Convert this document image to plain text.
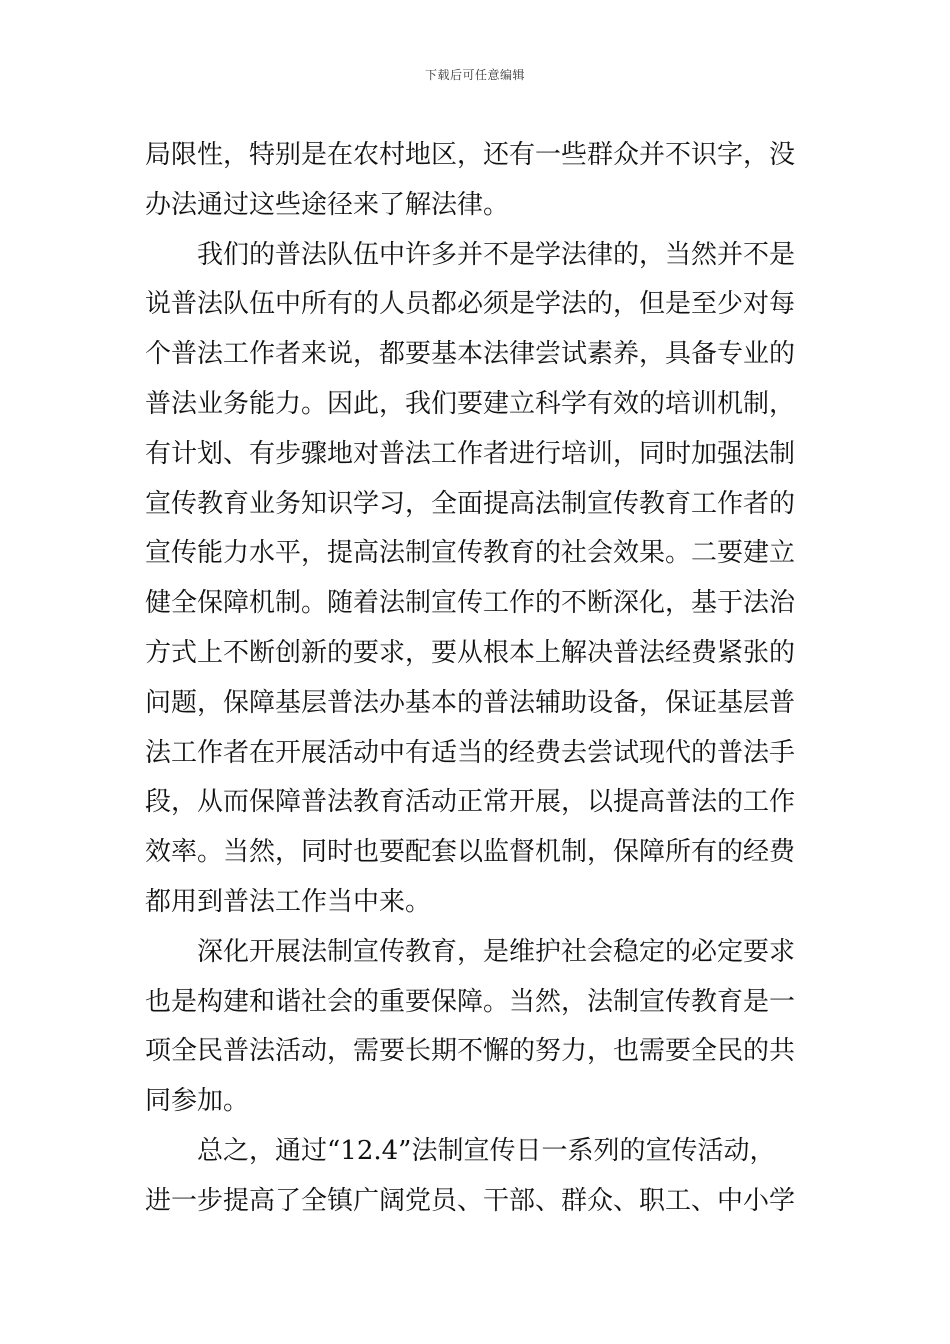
下载后可任意编辑
局限性，特别是在农村地区，还有一些群众并不识字，没
办法通过这些途径来了解法律。
我们的普法队伍中许多并不是学法律的，当然并不是
说普法队伍中所有的人员都必须是学法的，但是至少对每
个普法工作者来说，都要基本法律尝试素养，具备专业的
普法业务能力。因此，我们要建立科学有效的培训机制，
有计划、有步骤地对普法工作者进行培训，同时加强法制
宣传教育业务知识学习，全面提高法制宣传教育工作者的
宣传能力水平，提高法制宣传教育的社会效果。二要建立
健全保障机制。随着法制宣传工作的不断深化，基于法治
方式上不断创新的要求，要从根本上解决普法经费紧张的
问题，保障基层普法办基本的普法辅助设备，保证基层普
法工作者在开展活动中有适当的经费去尝试现代的普法手
段，从而保障普法教育活动正常开展，以提高普法的工作
效率。当然，同时也要配套以监督机制，保障所有的经费
都用到普法工作当中来。
深化开展法制宣传教育，是维护社会稳定的必定要求
也是构建和谐社会的重要保障。当然，法制宣传教育是一
项全民普法活动，需要长期不懈的努力，也需要全民的共
同参加。
总之，通过“12.4”法制宣传日一系列的宣传活动，
进一步提高了全镇广阔党员、干部、群众、职工、中小学
